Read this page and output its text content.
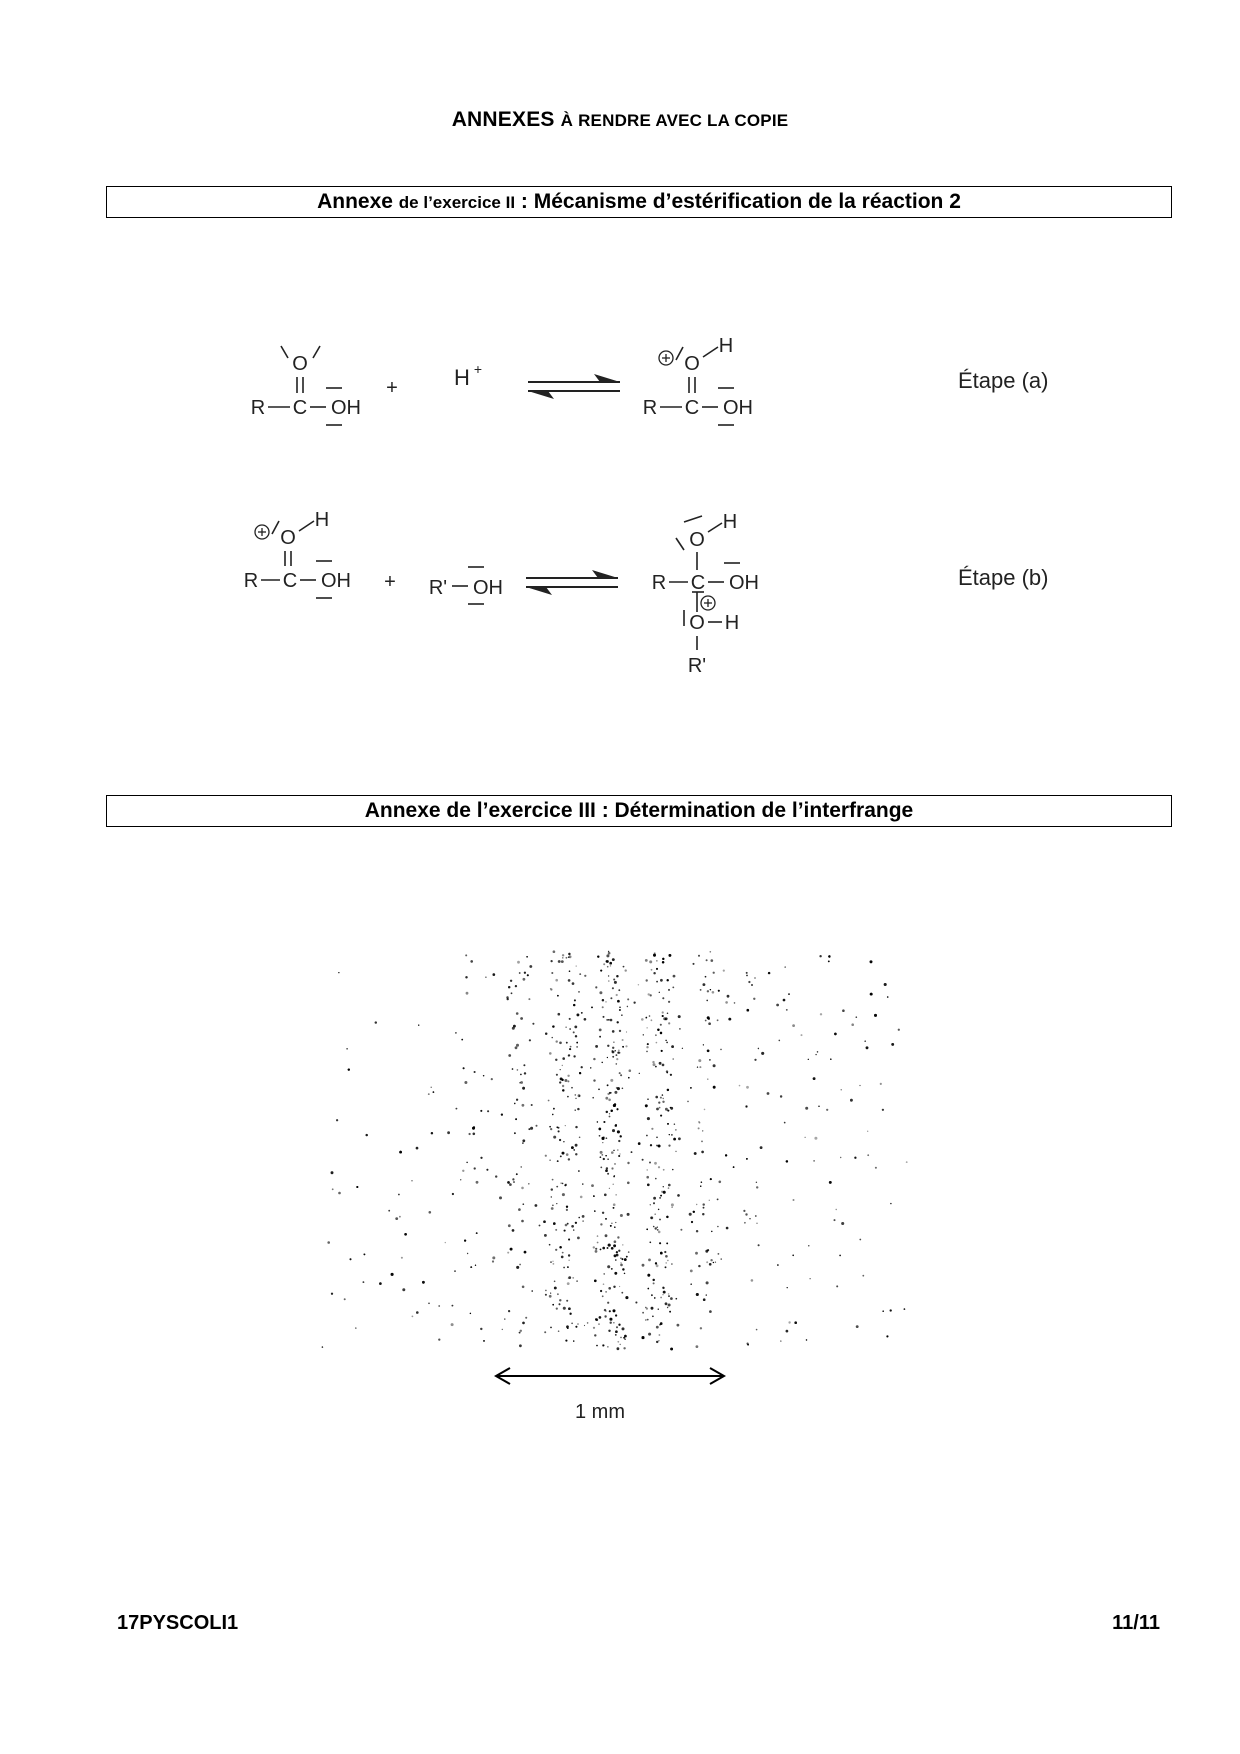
ANNEXES À RENDRE AVEC LA COPIE
Annexe de l’exercice II : Mécanisme d’estérification de la réaction 2
O
R C OH
+	H +	O
H
R C OH
Étape (a)
O
H
R C OH + R' OH
O
H
R C OH
O H
R'
Étape (b)
Annexe de l’exercice III : Détermination de l’interfrange
1 mm
17PYSCOLI1	11/11
